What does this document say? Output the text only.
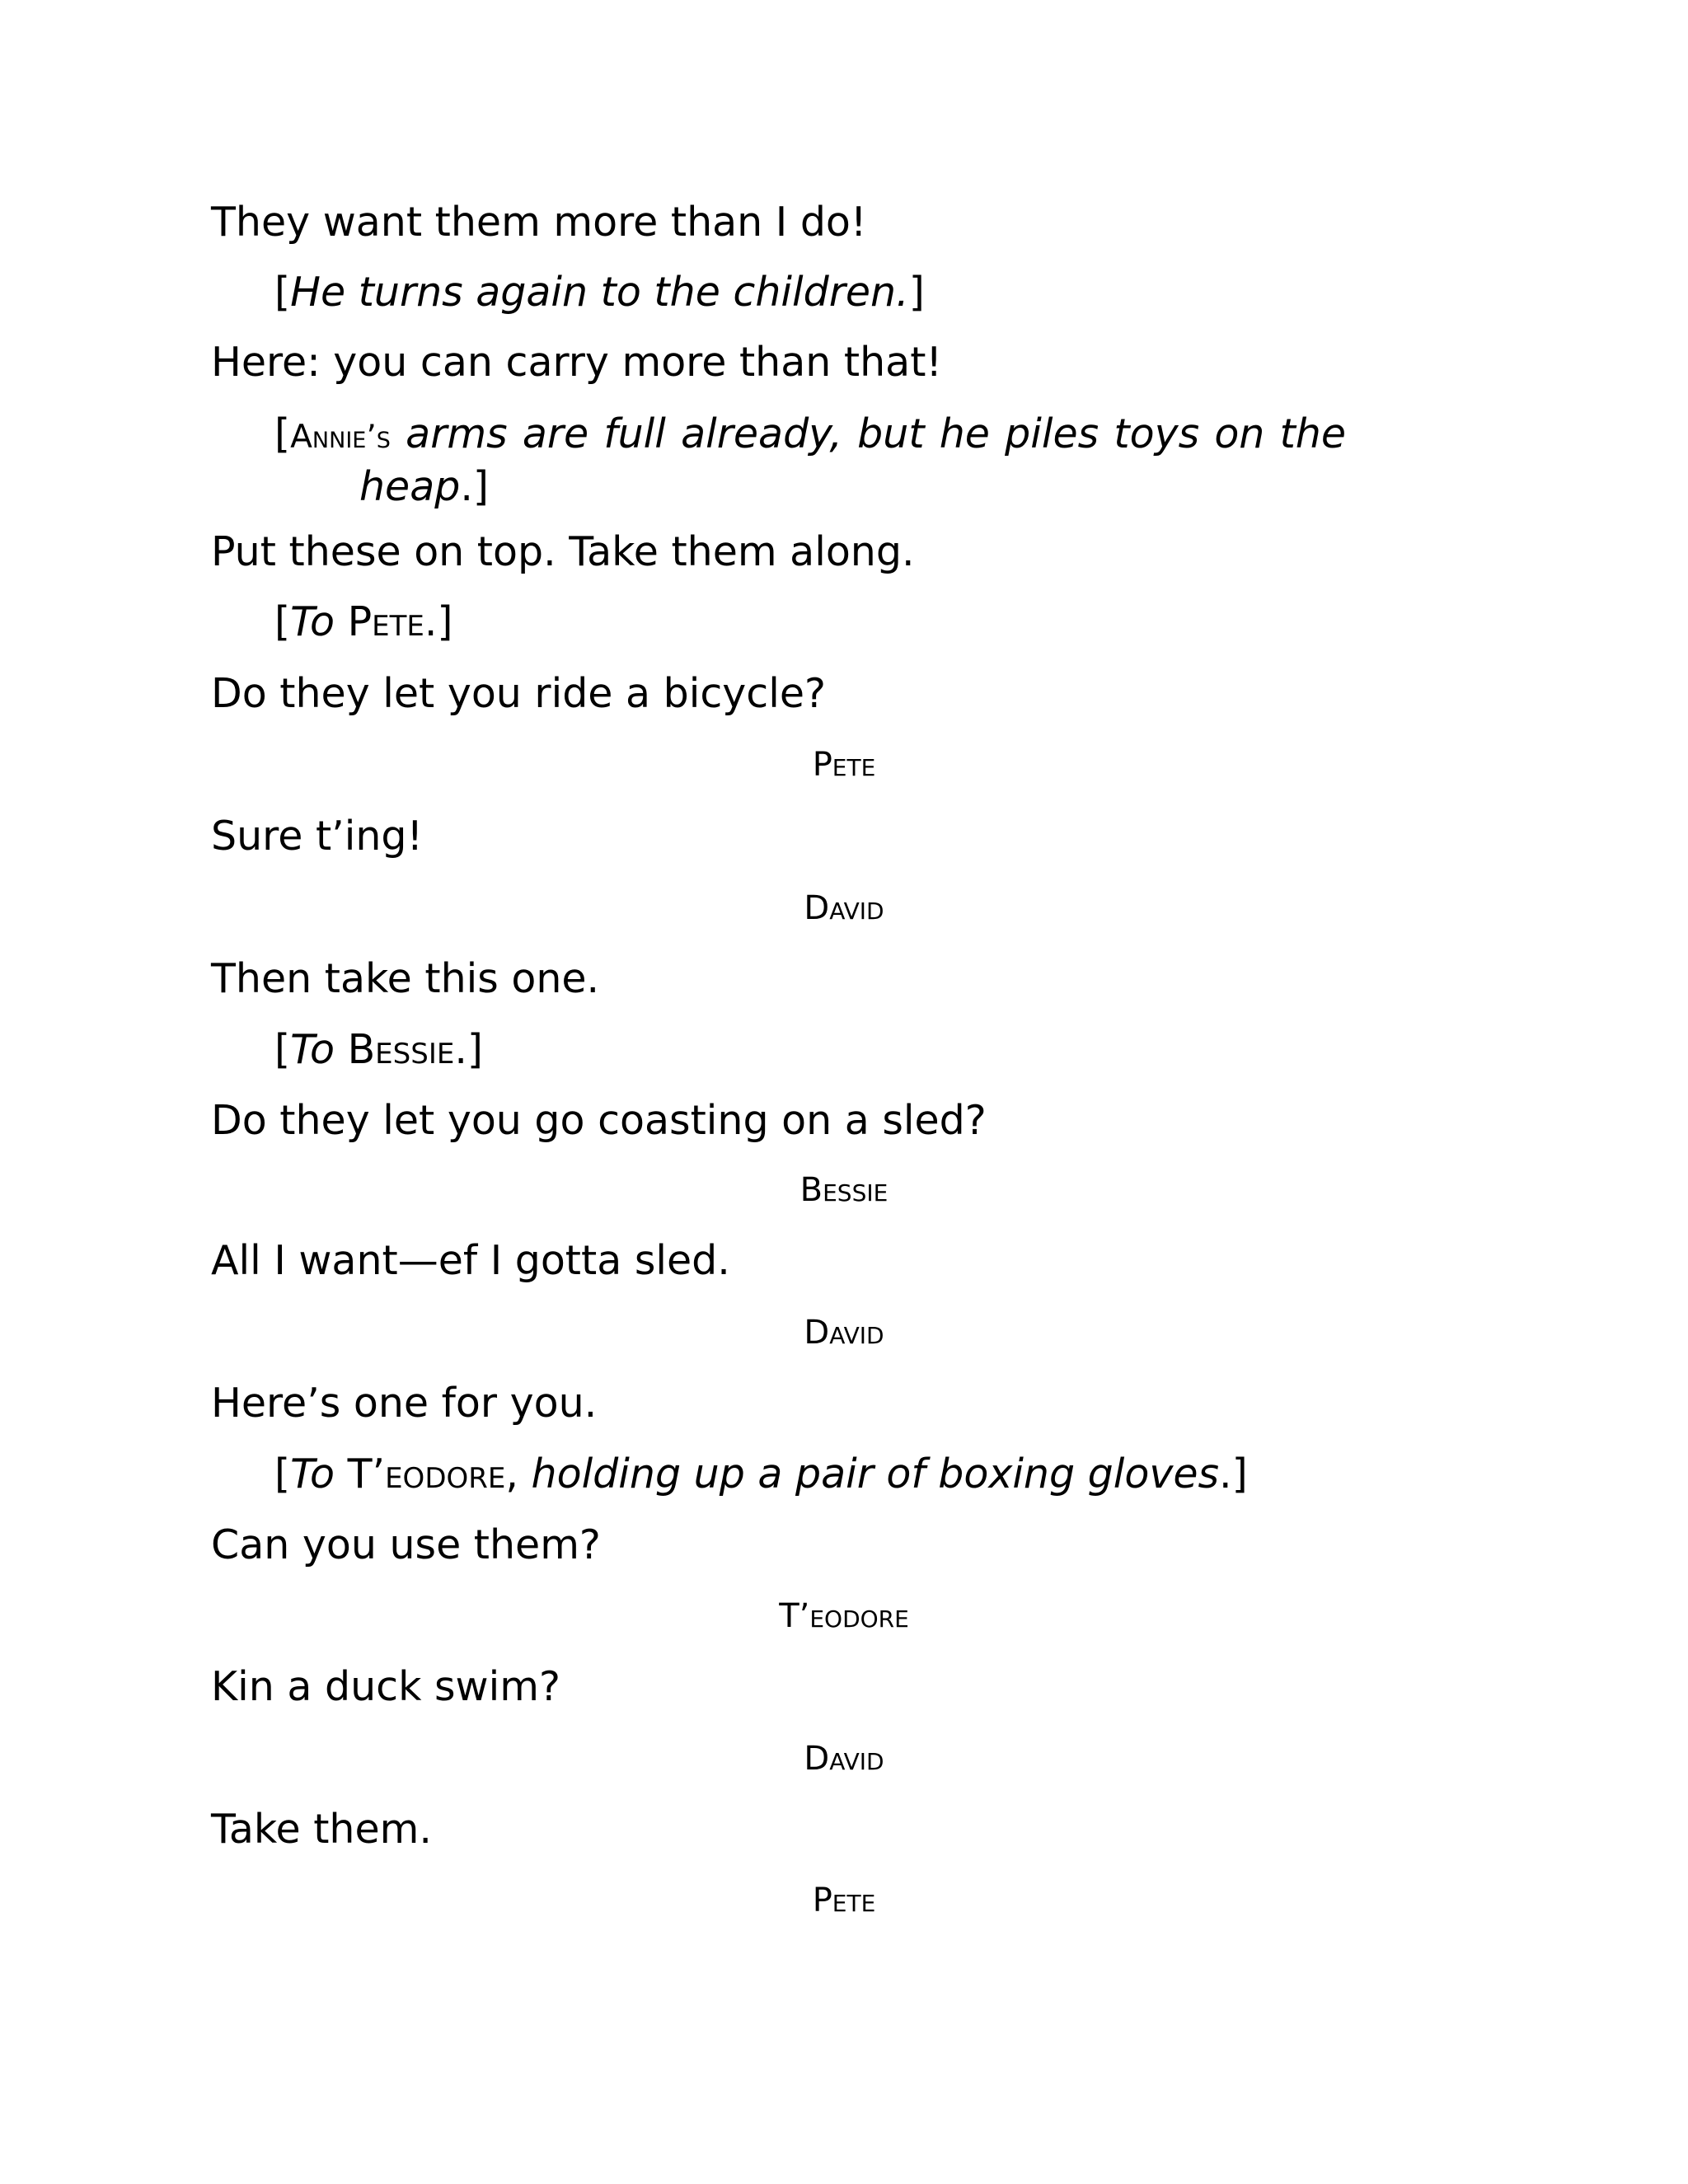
They want them more than I do!

[He turns again to the children.]

Here: you can carry more than that!

[Annie’s arms are full already, but he piles toys on the
heap.]

Put these on top. Take them along.

[To Pete.]

Do they let you ride a bicycle?

Pete

Sure t’ing!

David

Then take this one.

[To Bessie.]

Do they let you go coasting on a sled?

Bessie

All I want—ef I gotta sled.

David

Here’s one for you.

[To T’eodore, holding up a pair of boxing gloves.]

Can you use them?

T’eodore

Kin a duck swim?

David

Take them.

Pete
